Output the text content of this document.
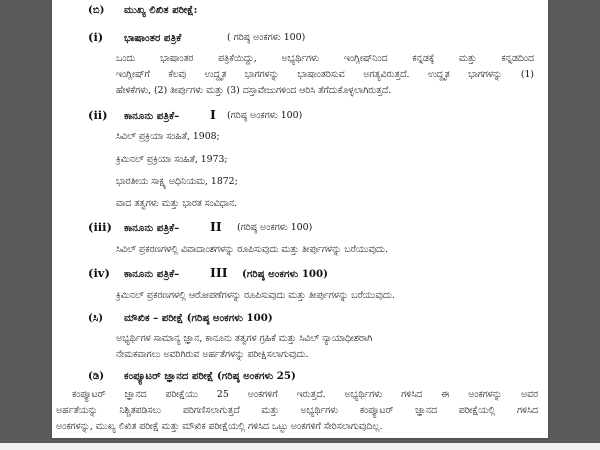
(ಬಿ) ಮುಖ್ಯ ಲಿಖಿತ ಪರೀಕ್ಷೆ:
(i) ಭಾಷಾಂತರ ಪತ್ರಿಕೆ	( ಗರಿಷ್ಠ ಅಂಕಗಳು 100)
ಒಂದು ಭಾಷಾಂತರ ಪತ್ರಿಕೆಯಿದ್ದು, ಅಭ್ಯರ್ಥಿಗಳು ಇಂಗ್ಲೀಷ್‌ನಿಂದ ಕನ್ನಡಕ್ಕೆ ಮತ್ತು ಕನ್ನಡದಿಂದ
ಇಂಗ್ಲೀಷ್‌ಗೆ ಕೆಲವು ಉದ್ದೃತ ಭಾಗಗಳನ್ನು ಭಾಷಾಂತರಿಸುವ ಅಗತ್ಯವಿರುತ್ತದೆ. ಉದ್ದೃತ ಭಾಗಗಳನ್ನು (1)
ಹೇಳಿಕೆಗಳು, (2) ತೀರ್ಪುಗಳು ಮತ್ತು (3) ದಸ್ತಾವೇಜುಗಳಿಂದ ಆರಿಸಿ ತೆಗೆದುಕೊಳ್ಳಲಾಗಿರುತ್ತದೆ.
(ii) ಕಾನೂನು ಪತ್ರಿಕೆ– I (ಗರಿಷ್ಠ ಅಂಕಗಳು 100)
ಸಿವಿಲ್ ಪ್ರಕ್ರಿಯಾ ಸಂಹಿತೆ, 1908;
ಕ್ರಿಮಿನಲ್ ಪ್ರಕ್ರಿಯಾ ಸಂಹಿತೆ, 1973;
ಭಾರತೀಯ ಸಾಕ್ಷ್ಯ ಅಧಿನಿಯಮ, 1872;
ವಾದ ತತ್ವಗಳು ಮತ್ತು ಭಾರತ ಸಂವಿಧಾನ.
(iii) ಕಾನೂನು ಪತ್ರಿಕೆ– II (ಗರಿಷ್ಠ ಅಂಕಗಳು 100)
ಸಿವಿಲ್ ಪ್ರಕರಣಗಳಲ್ಲಿ ವಿವಾದಾಂಶಗಳನ್ನು ರೂಪಿಸುವುದು ಮತ್ತು ತೀರ್ಪುಗಳನ್ನು ಬರೆಯುವುದು.
(iv) ಕಾನೂನು ಪತ್ರಿಕೆ– III (ಗರಿಷ್ಠ ಅಂಕಗಳು 100)
ಕ್ರಿಮಿನಲ್ ಪ್ರಕರಣಗಳಲ್ಲಿ ಆರೋಪಣೆಗಳನ್ನು ರೂಪಿಸುವುದು ಮತ್ತು ತೀರ್ಪುಗಳನ್ನು ಬರೆಯುವುದು.
(ಸಿ) ಮೌಖಿಕ – ಪರೀಕ್ಷೆ (ಗರಿಷ್ಠ ಅಂಕಗಳು 100)
ಅಭ್ಯರ್ಥಿಗಳ ಸಾಮಾನ್ಯ ಜ್ಞಾನ, ಕಾನೂನು ತತ್ವಗಳ ಗ್ರಹಿಕೆ ಮತ್ತು ಸಿವಿಲ್ ನ್ಯಾಯಾಧೀಶರಾಗಿ
ನೇಮಕವಾಗಲು ಅವರಿಗಿರುವ ಅರ್ಹತೆಗಳನ್ನು ಪರೀಕ್ಷಿಸಲಾಗುವುದು.
(ಡಿ) ಕಂಪ್ಯೂಟರ್ ಜ್ಞಾನದ ಪರೀಕ್ಷೆ (ಗರಿಷ್ಠ ಅಂಕಗಳು 25)
ಕಂಪ್ಯೂಟರ್ ಜ್ಞಾನದ ಪರೀಕ್ಷೆಯು 25 ಅಂಕಗಳಿಗೆ ಇರುತ್ತದೆ. ಅಭ್ಯರ್ಥಿಗಳು ಗಳಿಸಿದ ಈ ಅಂಕಗಳನ್ನು ಅವರ
ಅರ್ಹತೆಯನ್ನು ನಿಶ್ಚಿತಪಡಿಸಲು ಪರಿಗಣಿಸಲಾಗುತ್ತದೆ ಮತ್ತು ಅಭ್ಯರ್ಥಿಗಳು ಕಂಪ್ಯೂಟರ್ ಜ್ಞಾನದ ಪರೀಕ್ಷೆಯಲ್ಲಿ ಗಳಿಸಿದ
ಅಂಕಗಳನ್ನು, ಮುಖ್ಯ ಲಿಖಿತ ಪರೀಕ್ಷೆ ಮತ್ತು ಮೌಖಿಕ ಪರೀಕ್ಷೆಯಲ್ಲಿ ಗಳಿಸಿದ ಒಟ್ಟು ಅಂಕಗಳಿಗೆ ಸೇರಿಸಲಾಗುವುದಿಲ್ಲ.
